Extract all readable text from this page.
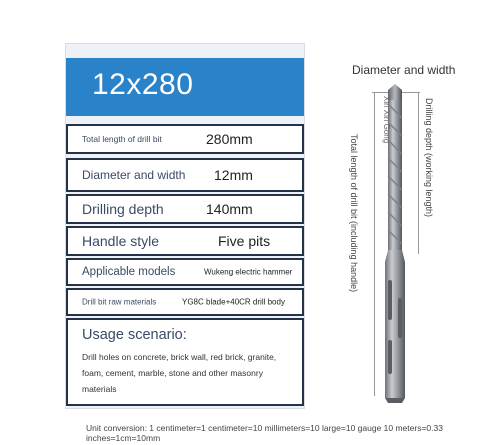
12x280
Total length of drill bit	280mm
Diameter and width 12mm
Drilling depth	140mm
Handle style	Five pits
Applicable models	Wukeng electric hammer
Drill bit raw materials	YG8C blade+40CR drill body
Usage scenario:
Drill holes on concrete, brick wall, red brick, granite, foam, cement, marble, stone and other masonry materials
Diameter and width
Total length of drill bit (including handle)
Xin Xin Gong	Drilling depth (working length)
Unit conversion: 1 centimeter=1 centimeter=10 millimeters=10 large=10 gauge 10 meters=0.33 inches=1cm=10mm
